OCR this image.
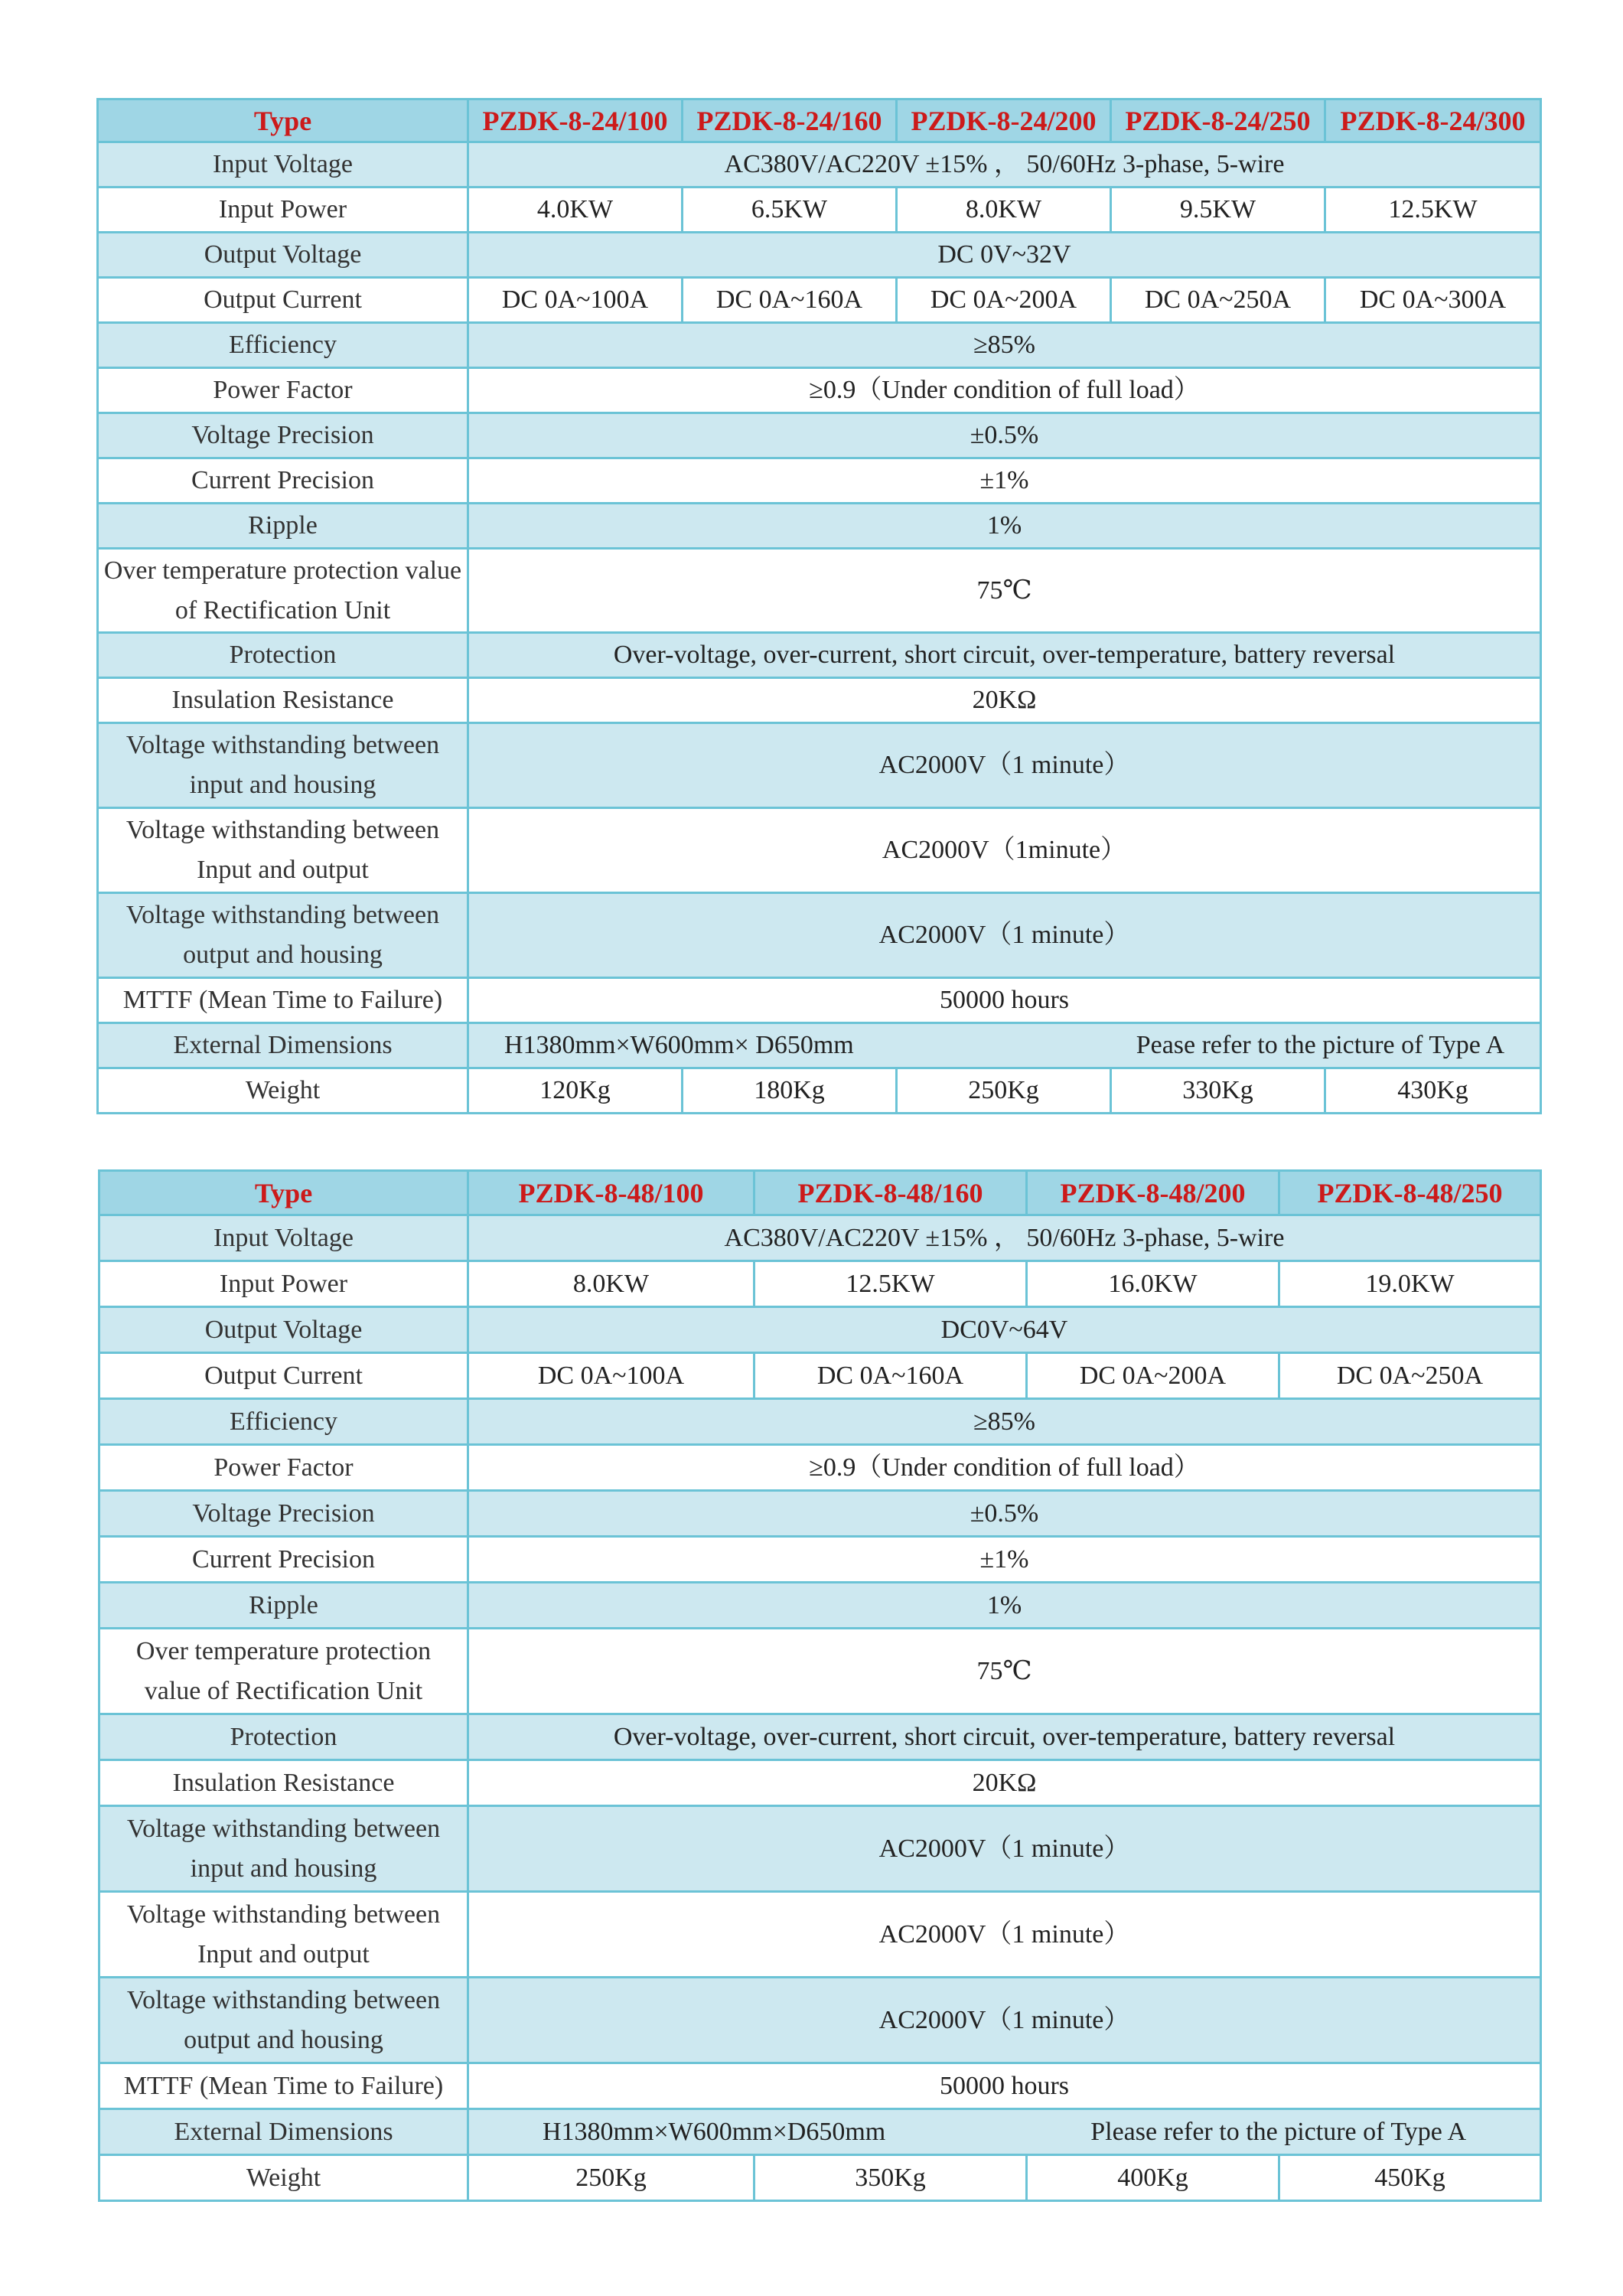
Type	PZDK-8-24/100	PZDK-8-24/160	PZDK-8-24/200	PZDK-8-24/250	PZDK-8-24/300
Input Voltage	AC380V/AC220V ±15% ， 50/60Hz 3-phase, 5-wire				
Input Power	4.0KW	6.5KW	8.0KW	9.5KW	12.5KW
Output Voltage	DC 0V~32V				
Output Current	DC 0A~100A	DC 0A~160A	DC 0A~200A	DC 0A~250A	DC 0A~300A
Efficiency	≥85%				
Power Factor	≥0.9（Under condition of full load）				
Voltage Precision	±0.5%				
Current Precision	±1%				
Ripple	1%				
Over temperature protection value of Rectification Unit	75℃				
Protection	Over-voltage, over-current, short circuit, over-temperature, battery reversal				
Insulation Resistance	20KΩ				
Voltage withstanding between input and housing	AC2000V（1 minute）				
Voltage withstanding between Input and output	AC2000V（1minute）				
Voltage withstanding between output and housing	AC2000V（1 minute）				
MTTF (Mean Time to Failure)	50000 hours				
External Dimensions	H1380mm×W600mm× D650mm Pease refer to the picture of Type A				

Weight	120Kg	180Kg	250Kg	330Kg	430Kg
Type	PZDK-8-48/100	PZDK-8-48/160	PZDK-8-48/200	PZDK-8-48/250
Input Voltage	AC380V/AC220V ±15% ， 50/60Hz 3-phase, 5-wire			
Input Power	8.0KW	12.5KW	16.0KW	19.0KW
Output Voltage	DC0V~64V			
Output Current	DC 0A~100A	DC 0A~160A	DC 0A~200A	DC 0A~250A
Efficiency	≥85%			
Power Factor	≥0.9（Under condition of full load）			
Voltage Precision	±0.5%			
Current Precision	±1%			
Ripple	1%			
Over temperature protection value of Rectification Unit	75℃			
Protection	Over-voltage, over-current, short circuit, over-temperature, battery reversal			
Insulation Resistance	20KΩ			
Voltage withstanding between input and housing	AC2000V（1 minute）			
Voltage withstanding between Input and output	AC2000V（1 minute）			
Voltage withstanding between output and housing	AC2000V（1 minute）			
MTTF (Mean Time to Failure)	50000 hours			
External Dimensions	H1380mm×W600mm×D650mm Please refer to the picture of Type A			

Weight	250Kg	350Kg	400Kg	450Kg
